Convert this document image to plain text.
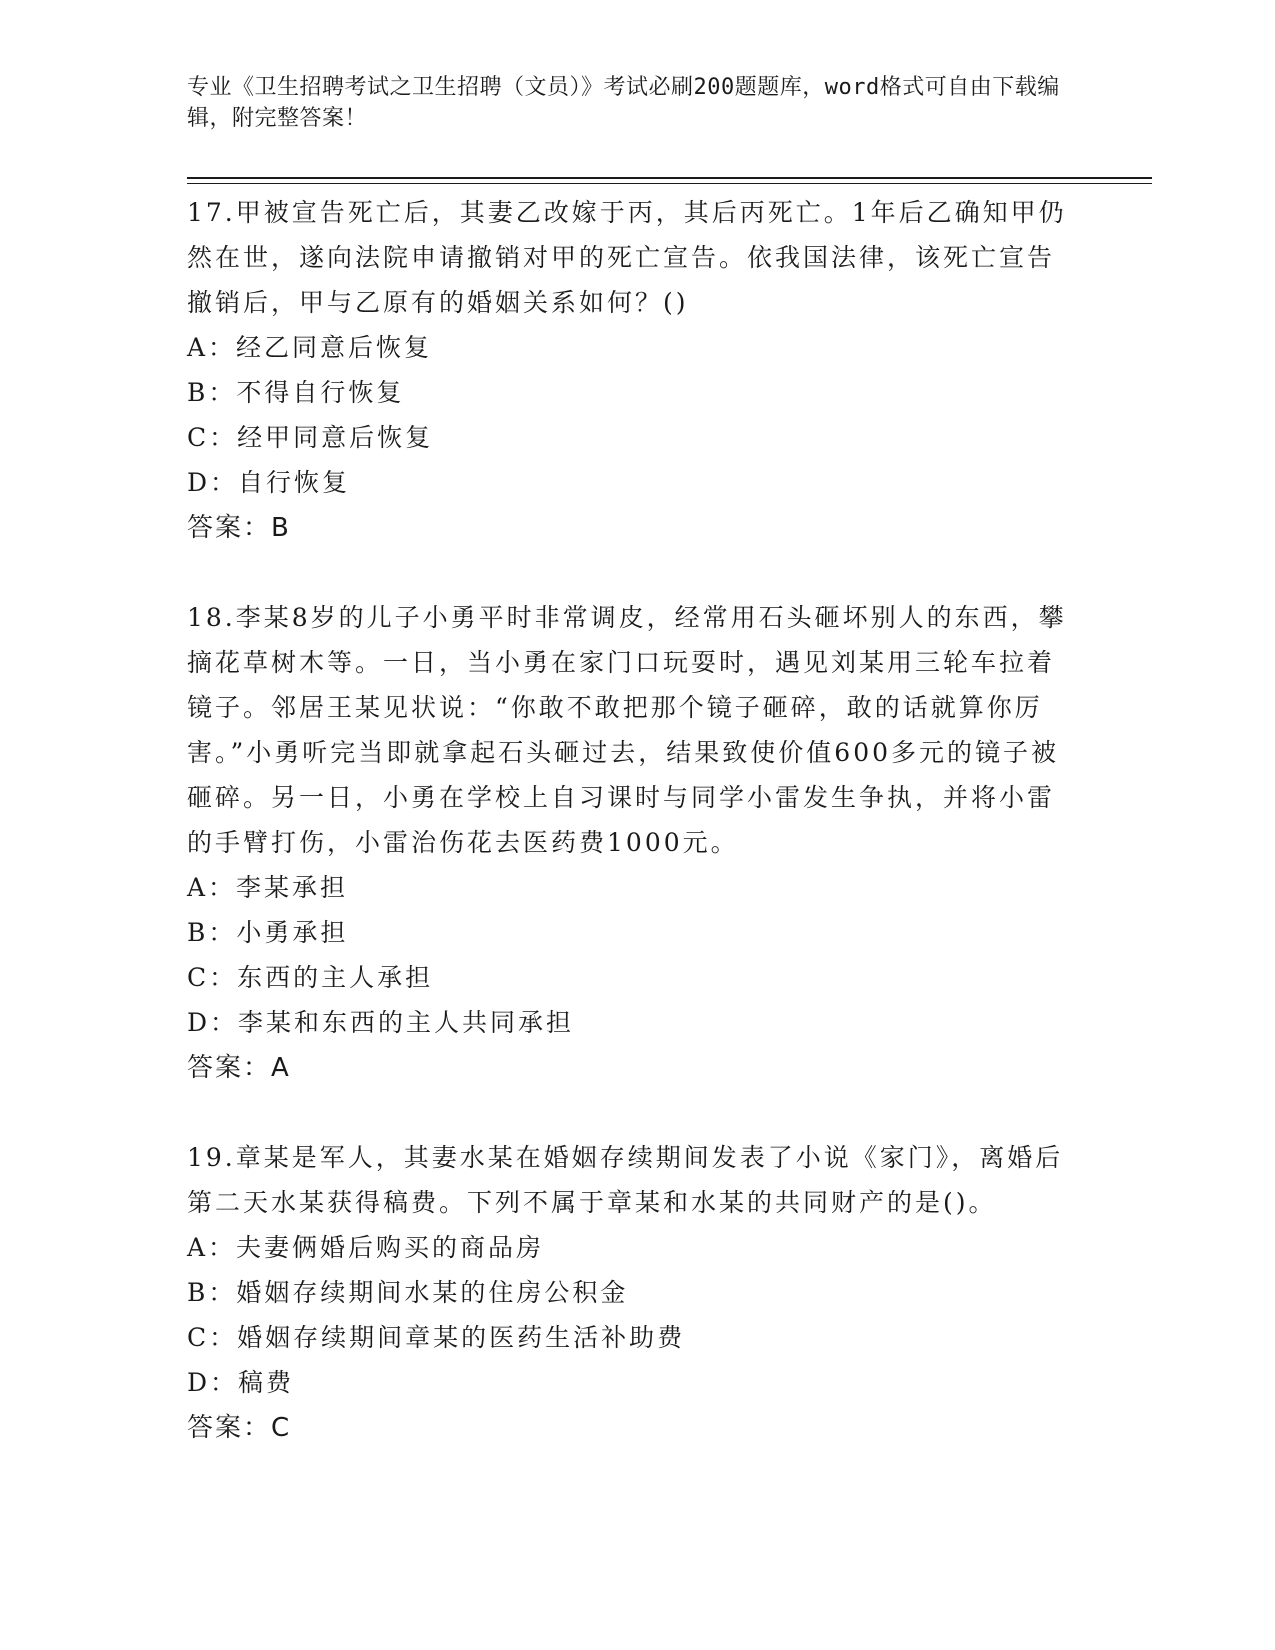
专业《卫生招聘考试之卫生招聘（文员）》考试必刷200题题库，word格式可自由下载编辑，附完整答案！
17.甲被宣告死亡后，其妻乙改嫁于丙，其后丙死亡。1年后乙确知甲仍然在世，遂向法院申请撤销对甲的死亡宣告。依我国法律，该死亡宣告撤销后，甲与乙原有的婚姻关系如何？()
A：经乙同意后恢复
B：不得自行恢复
C：经甲同意后恢复
D：自行恢复
答案：B
18.李某8岁的儿子小勇平时非常调皮，经常用石头砸坏别人的东西，攀摘花草树木等。一日，当小勇在家门口玩耍时，遇见刘某用三轮车拉着镜子。邻居王某见状说：“你敢不敢把那个镜子砸碎，敢的话就算你厉害。”小勇听完当即就拿起石头砸过去，结果致使价值600多元的镜子被砸碎。另一日，小勇在学校上自习课时与同学小雷发生争执，并将小雷的手臂打伤，小雷治伤花去医药费1000元。
A：李某承担
B：小勇承担
C：东西的主人承担
D：李某和东西的主人共同承担
答案：A
19.章某是军人，其妻水某在婚姻存续期间发表了小说《家门》，离婚后第二天水某获得稿费。下列不属于章某和水某的共同财产的是()。
A：夫妻俩婚后购买的商品房
B：婚姻存续期间水某的住房公积金
C：婚姻存续期间章某的医药生活补助费
D：稿费
答案：C
